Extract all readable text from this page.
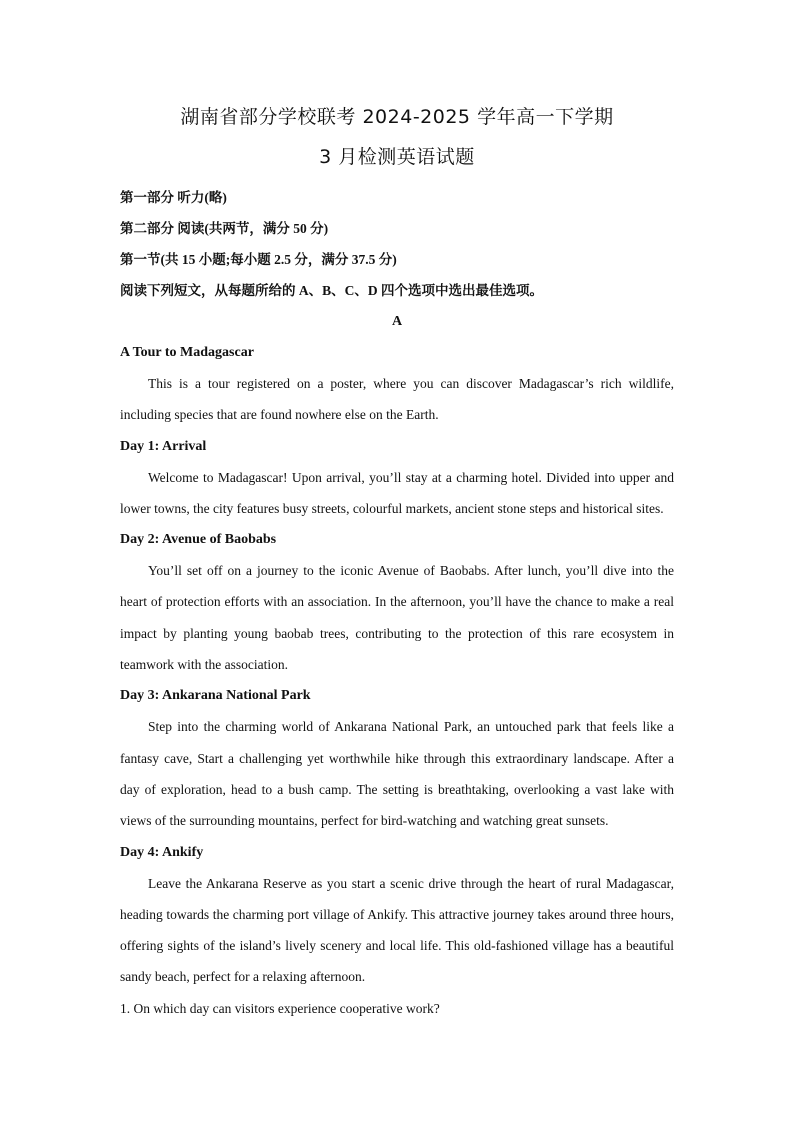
湖南省部分学校联考 2024-2025 学年高一下学期
3 月检测英语试题

第一部分 听力(略)

第二部分 阅读(共两节，满分 50 分)

第一节(共 15 小题;每小题 2.5 分，满分 37.5 分)

阅读下列短文，从每题所给的 A、B、C、D 四个选项中选出最佳选项。

A

A Tour to Madagascar

This is a tour registered on a poster, where you can discover Madagascar’s rich wildlife, including species that are found nowhere else on the Earth.

Day 1: Arrival

Welcome to Madagascar! Upon arrival, you’ll stay at a charming hotel. Divided into upper and lower towns, the city features busy streets, colourful markets, ancient stone steps and historical sites.

Day 2: Avenue of Baobabs

You’ll set off on a journey to the iconic Avenue of Baobabs. After lunch, you’ll dive into the heart of protection efforts with an association. In the afternoon, you’ll have the chance to make a real impact by planting young baobab trees, contributing to the protection of this rare ecosystem in teamwork with the association.

Day 3: Ankarana National Park

Step into the charming world of Ankarana National Park, an untouched park that feels like a fantasy cave, Start a challenging yet worthwhile hike through this extraordinary landscape. After a day of exploration, head to a bush camp. The setting is breathtaking, overlooking a vast lake with views of the surrounding mountains, perfect for bird-watching and watching great sunsets.

Day 4: Ankify

Leave the Ankarana Reserve as you start a scenic drive through the heart of rural Madagascar, heading towards the charming port village of Ankify. This attractive journey takes around three hours, offering sights of the island’s lively scenery and local life. This old-fashioned village has a beautiful sandy beach, perfect for a relaxing afternoon.

1. On which day can visitors experience cooperative work?
